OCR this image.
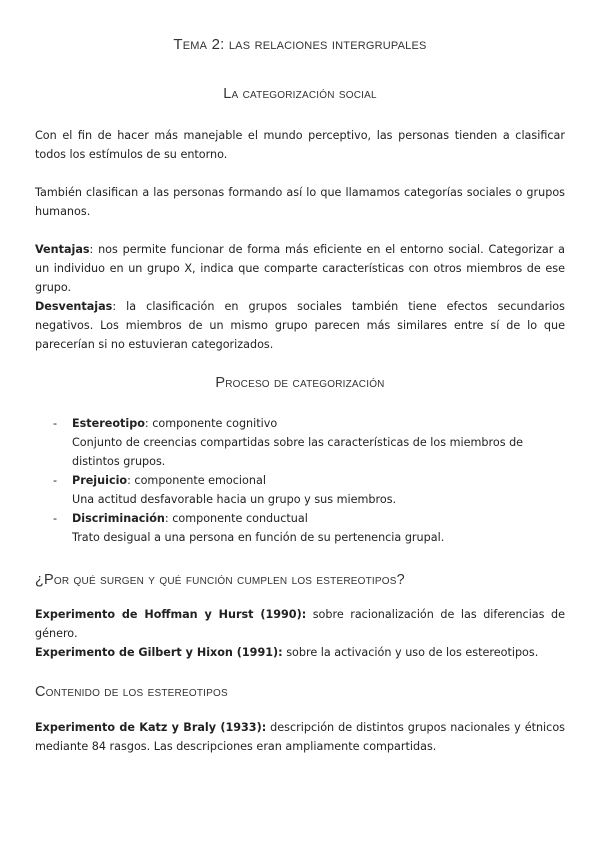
Tema 2: las relaciones intergrupales
La categorización social

Con el fin de hacer más manejable el mundo perceptivo, las personas tienden a clasificar todos los estímulos de su entorno.

También clasifican a las personas formando así lo que llamamos categorías sociales o grupos humanos.

Ventajas: nos permite funcionar de forma más eficiente en el entorno social. Categorizar a un individuo en un grupo X, indica que comparte características con otros miembros de ese grupo.

Desventajas: la clasificación en grupos sociales también tiene efectos secundarios negativos. Los miembros de un mismo grupo parecen más similares entre sí de lo que parecerían si no estuvieran categorizados.

Proceso de categorización
- Estereotipo: componente cognitivo
Conjunto de creencias compartidas sobre las características de los miembros de distintos grupos.
- Prejuicio: componente emocional
Una actitud desfavorable hacia un grupo y sus miembros.
- Discriminación: componente conductual
Trato desigual a una persona en función de su pertenencia grupal.
¿Por qué surgen y qué función cumplen los estereotipos?

Experimento de Hoffman y Hurst (1990): sobre racionalización de las diferencias de género.

Experimento de Gilbert y Hixon (1991): sobre la activación y uso de los estereotipos.

Contenido de los estereotipos

Experimento de Katz y Braly (1933): descripción de distintos grupos nacionales y étnicos mediante 84 rasgos. Las descripciones eran ampliamente compartidas.
